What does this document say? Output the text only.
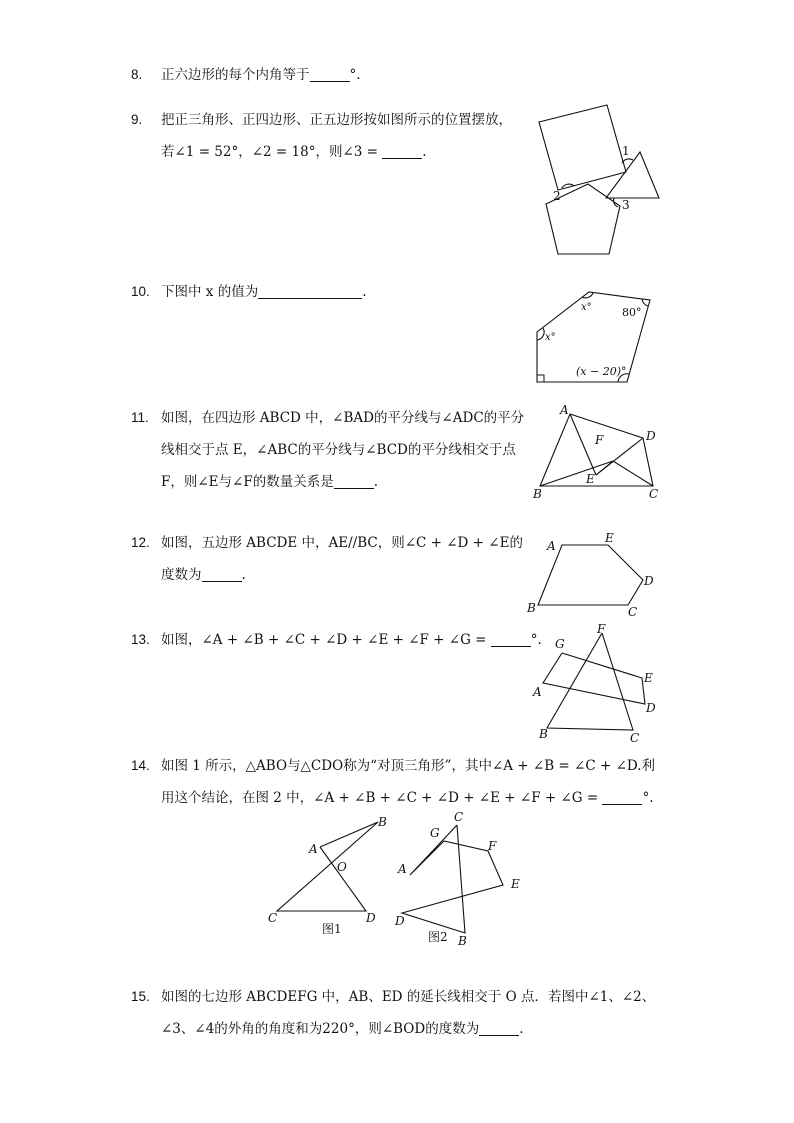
8. 正六边形的每个内角等于	°.
9. 把正三角形、正四边形、正五边形按如图所示的位置摆放，
若∠1 = 52°，∠2 = 18°，则∠3 =	.
10. 下图中 x 的值为	.
11. 如图，在四边形 ABCD 中，∠BAD的平分线与∠ADC的平分
线相交于点 E，∠ABC的平分线与∠BCD的平分线相交于点
F，则∠E与∠F的数量关系是	.
12. 如图，五边形 ABCDE 中，AE//BC，则∠C + ∠D + ∠E的
度数为	.
13. 如图，∠A + ∠B + ∠C + ∠D + ∠E + ∠F + ∠G =	°.
14. 如图 1 所示，△ABO与△CDO称为“对顶三角形”，其中∠A + ∠B = ∠C + ∠D.利
用这个结论，在图 2 中，∠A + ∠B + ∠C + ∠D + ∠E + ∠F + ∠G =	°.
15. 如图的七边形 ABCDEFG 中，AB、ED 的延长线相交于 O 点．若图中∠1、∠2、
∠3、∠4的外角的角度和为220°，则∠BOD的度数为	.
1
2
3
x°	80°
x°
(x − 20)°
A
D
F
E
B	C
A
E
D
C
B
G
F
E
A
D
B	C
B
A
O
C	D
图1
C
G
F
A
E
D
B
图2
